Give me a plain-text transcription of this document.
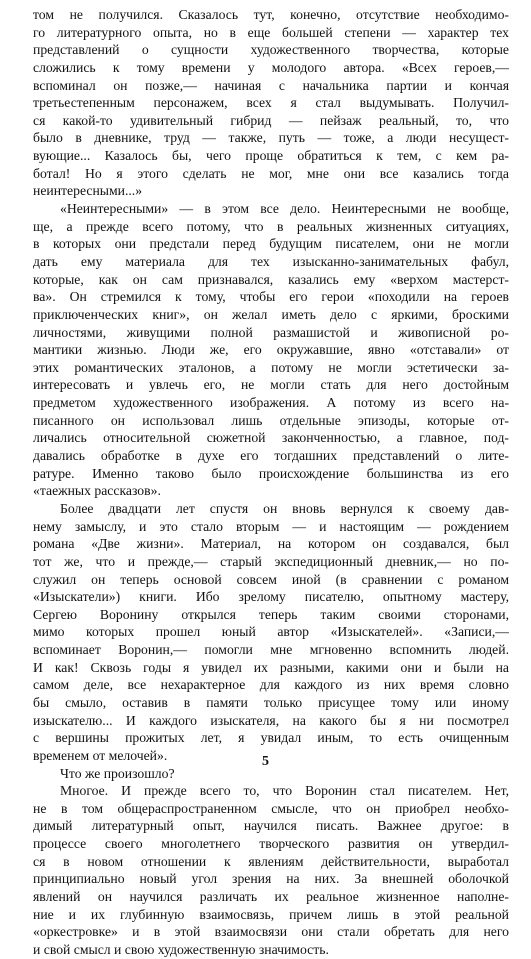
том не получился. Сказалось тут, конечно, отсутствие необходимо-
го литературного опыта, но в еще большей степени — характер тех
представлений о сущности художественного творчества, которые
сложились к тому времени у молодого автора. «Всех героев,—
вспоминал он позже,— начиная с начальника партии и кончая
третьестепенным персонажем, всех я стал выдумывать. Получил-
ся какой-то удивительный гибрид — пейзаж реальный, то, что
было в дневнике, труд — также, путь — тоже, а люди несущест-
вующие... Казалось бы, чего проще обратиться к тем, с кем ра-
ботал! Но я этого сделать не мог, мне они все казались тогда
неинтересными...»
«Неинтересными» — в этом все дело. Неинтересными не вообще,
ще, а прежде всего потому, что в реальных жизненных ситуациях,
в которых они предстали перед будущим писателем, они не могли
дать ему материала для тех изысканно-занимательных фабул,
которые, как он сам признавался, казались ему «верхом мастерст-
ва». Он стремился к тому, чтобы его герои «походили на героев
приключенческих книг», он желал иметь дело с яркими, броскими
личностями, живущими полной размашистой и живописной ро-
мантики жизнью. Люди же, его окружавшие, явно «отставали» от
этих романтических эталонов, а потому не могли эстетически за-
интересовать и увлечь его, не могли стать для него достойным
предметом художественного изображения. А потому из всего на-
писанного он использовал лишь отдельные эпизоды, которые от-
личались относительной сюжетной законченностью, а главное, под-
давались обработке в духе его тогдашних представлений о лите-
ратуре. Именно таково было происхождение большинства из его
«таежных рассказов».
Более двадцати лет спустя он вновь вернулся к своему дав-
нему замыслу, и это стало вторым — и настоящим — рождением
романа «Две жизни». Материал, на котором он создавался, был
тот же, что и прежде,— старый экспедиционный дневник,— но по-
служил он теперь основой совсем иной (в сравнении с романом
«Изыскатели») книги. Ибо зрелому писателю, опытному мастеру,
Сергею Воронину открылся теперь таким своими сторонами,
мимо которых прошел юный автор «Изыскателей». «Записи,—
вспоминает Воронин,— помогли мне мгновенно вспомнить людей.
И как! Сквозь годы я увидел их разными, какими они и были на
самом деле, все нехарактерное для каждого из них время словно
бы смыло, оставив в памяти только присущее тому или иному
изыскателю... И каждого изыскателя, на какого бы я ни посмотрел
с вершины прожитых лет, я увидал иным, то есть очищенным
временем от мелочей».
Что же произошло?
Многое. И прежде всего то, что Воронин стал писателем. Нет,
не в том общераспространенном смысле, что он приобрел необхо-
димый литературный опыт, научился писать. Важнее другое: в
процессе своего многолетнего творческого развития он утвердил-
ся в новом отношении к явлениям действительности, выработал
принципиально новый угол зрения на них. За внешней оболочкой
явлений он научился различать их реальное жизненное наполне-
ние и их глубинную взаимосвязь, причем лишь в этой реальной
«оркестровке» и в этой взаимосвязи они стали обретать для него
и свой смысл и свою художественную значимость.
5
